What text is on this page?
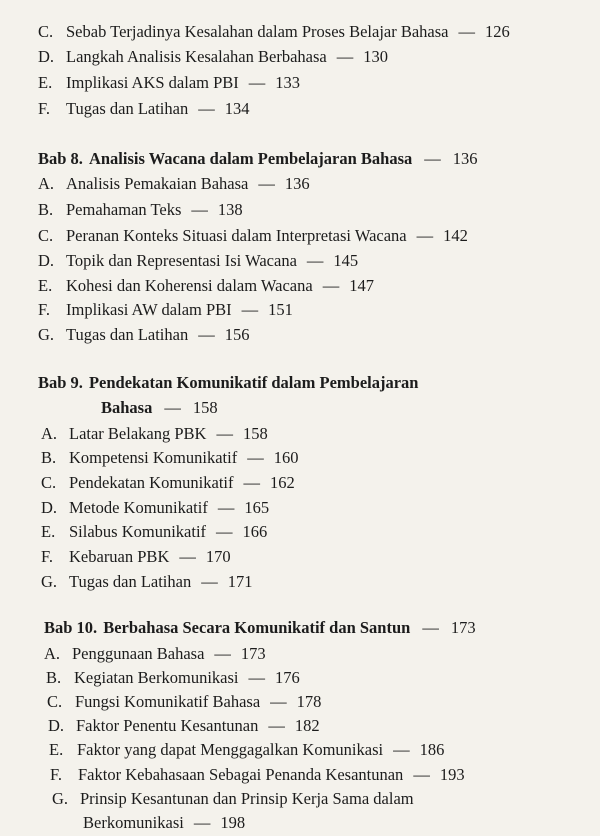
C. Sebab Terjadinya Kesalahan dalam Proses Belajar Bahasa — 126
D. Langkah Analisis Kesalahan Berbahasa — 130
E. Implikasi AKS dalam PBI — 133
F. Tugas dan Latihan — 134
Bab 8. Analisis Wacana dalam Pembelajaran Bahasa — 136
A. Analisis Pemakaian Bahasa — 136
B. Pemahaman Teks — 138
C. Peranan Konteks Situasi dalam Interpretasi Wacana — 142
D. Topik dan Representasi Isi Wacana — 145
E. Kohesi dan Koherensi dalam Wacana — 147
F. Implikasi AW dalam PBI — 151
G. Tugas dan Latihan — 156
Bab 9. Pendekatan Komunikatif dalam Pembelajaran
Bahasa — 158
A. Latar Belakang PBK — 158
B. Kompetensi Komunikatif — 160
C. Pendekatan Komunikatif — 162
D. Metode Komunikatif — 165
E. Silabus Komunikatif — 166
F. Kebaruan PBK — 170
G. Tugas dan Latihan — 171
Bab 10. Berbahasa Secara Komunikatif dan Santun — 173
A. Penggunaan Bahasa — 173
B. Kegiatan Berkomunikasi — 176
C. Fungsi Komunikatif Bahasa — 178
D. Faktor Penentu Kesantunan — 182
E. Faktor yang dapat Menggagalkan Komunikasi — 186
F. Faktor Kebahasaan Sebagai Penanda Kesantunan — 193
G. Prinsip Kesantunan dan Prinsip Kerja Sama dalam
Berkomunikasi — 198
